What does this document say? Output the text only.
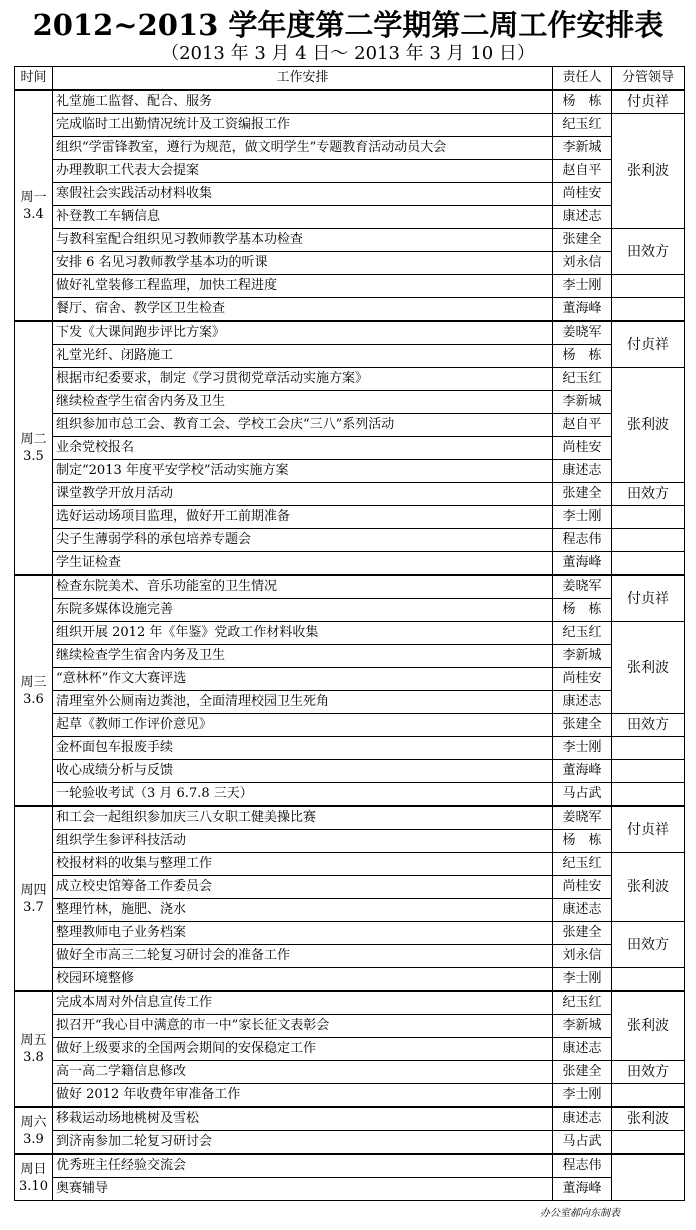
2012~2013 学年度第二学期第二周工作安排表
（2013 年 3 月 4 日～ 2013 年 3 月 10 日）
时间	工作安排	责任人	分管领导

周一
3.4	礼堂施工监督、配合、服务	杨　栋	付贞祥
	完成临时工出勤情况统计及工资编报工作	纪玉红	张利波
	组织“学雷锋教室，遵行为规范，做文明学生”专题教育活动动员大会	李新城	
	办理教职工代表大会提案	赵自平	
	寒假社会实践活动材料收集	尚桂安	
	补登教工车辆信息	康述志	
	与教科室配合组织见习教师教学基本功检查	张建全	田效方
	安排 6 名见习教师教学基本功的听课	刘永信	
	做好礼堂装修工程监理，加快工程进度	李士刚	
	餐厅、宿舍、教学区卫生检查	董海峰	

周二
3.5	下发《大课间跑步评比方案》	姜晓军	付贞祥
	礼堂光纤、闭路施工	杨　栋	
	根据市纪委要求，制定《学习贯彻党章活动实施方案》	纪玉红	张利波
	继续检查学生宿舍内务及卫生	李新城	
	组织参加市总工会、教育工会、学校工会庆“三八”系列活动	赵自平	
	业余党校报名	尚桂安	
	制定“2013 年度平安学校”活动实施方案	康述志	
	课堂教学开放月活动	张建全	田效方
	选好运动场项目监理，做好开工前期准备	李士刚	
	尖子生薄弱学科的承包培养专题会	程志伟	
	学生证检查	董海峰	

周三
3.6	检查东院美术、音乐功能室的卫生情况	姜晓军	付贞祥
	东院多媒体设施完善	杨　栋	
	组织开展 2012 年《年鉴》党政工作材料收集	纪玉红	张利波
	继续检查学生宿舍内务及卫生	李新城	
	“意林杯”作文大赛评选	尚桂安	
	清理室外公厕南边粪池，全面清理校园卫生死角	康述志	
	起草《教师工作评价意见》	张建全	田效方
	金杯面包车报废手续	李士刚	
	收心成绩分析与反馈	董海峰	
	一轮验收考试（3 月 6.7.8 三天）	马占武	

周四
3.7	和工会一起组织参加庆三八女职工健美操比赛	姜晓军	付贞祥
	组织学生参评科技活动	杨　栋	
	校报材料的收集与整理工作	纪玉红	张利波
	成立校史馆筹备工作委员会	尚桂安	
	整理竹林，施肥、浇水	康述志	
	整理教师电子业务档案	张建全	田效方
	做好全市高三二轮复习研讨会的准备工作	刘永信	
	校园环境整修	李士刚	

周五
3.8	完成本周对外信息宣传工作	纪玉红	张利波
	拟召开“我心目中满意的市一中”家长征文表彰会	李新城	
	做好上级要求的全国两会期间的安保稳定工作	康述志	
	高一高二学籍信息修改	张建全	田效方
	做好 2012 年收费年审准备工作	李士刚	

周六
3.9	移栽运动场地桃树及雪松	康述志	张利波
	到济南参加二轮复习研讨会	马占武	

周日
3.10	优秀班主任经验交流会	程志伟	
	奥赛辅导	董海峰	
办公室郝向东制表
